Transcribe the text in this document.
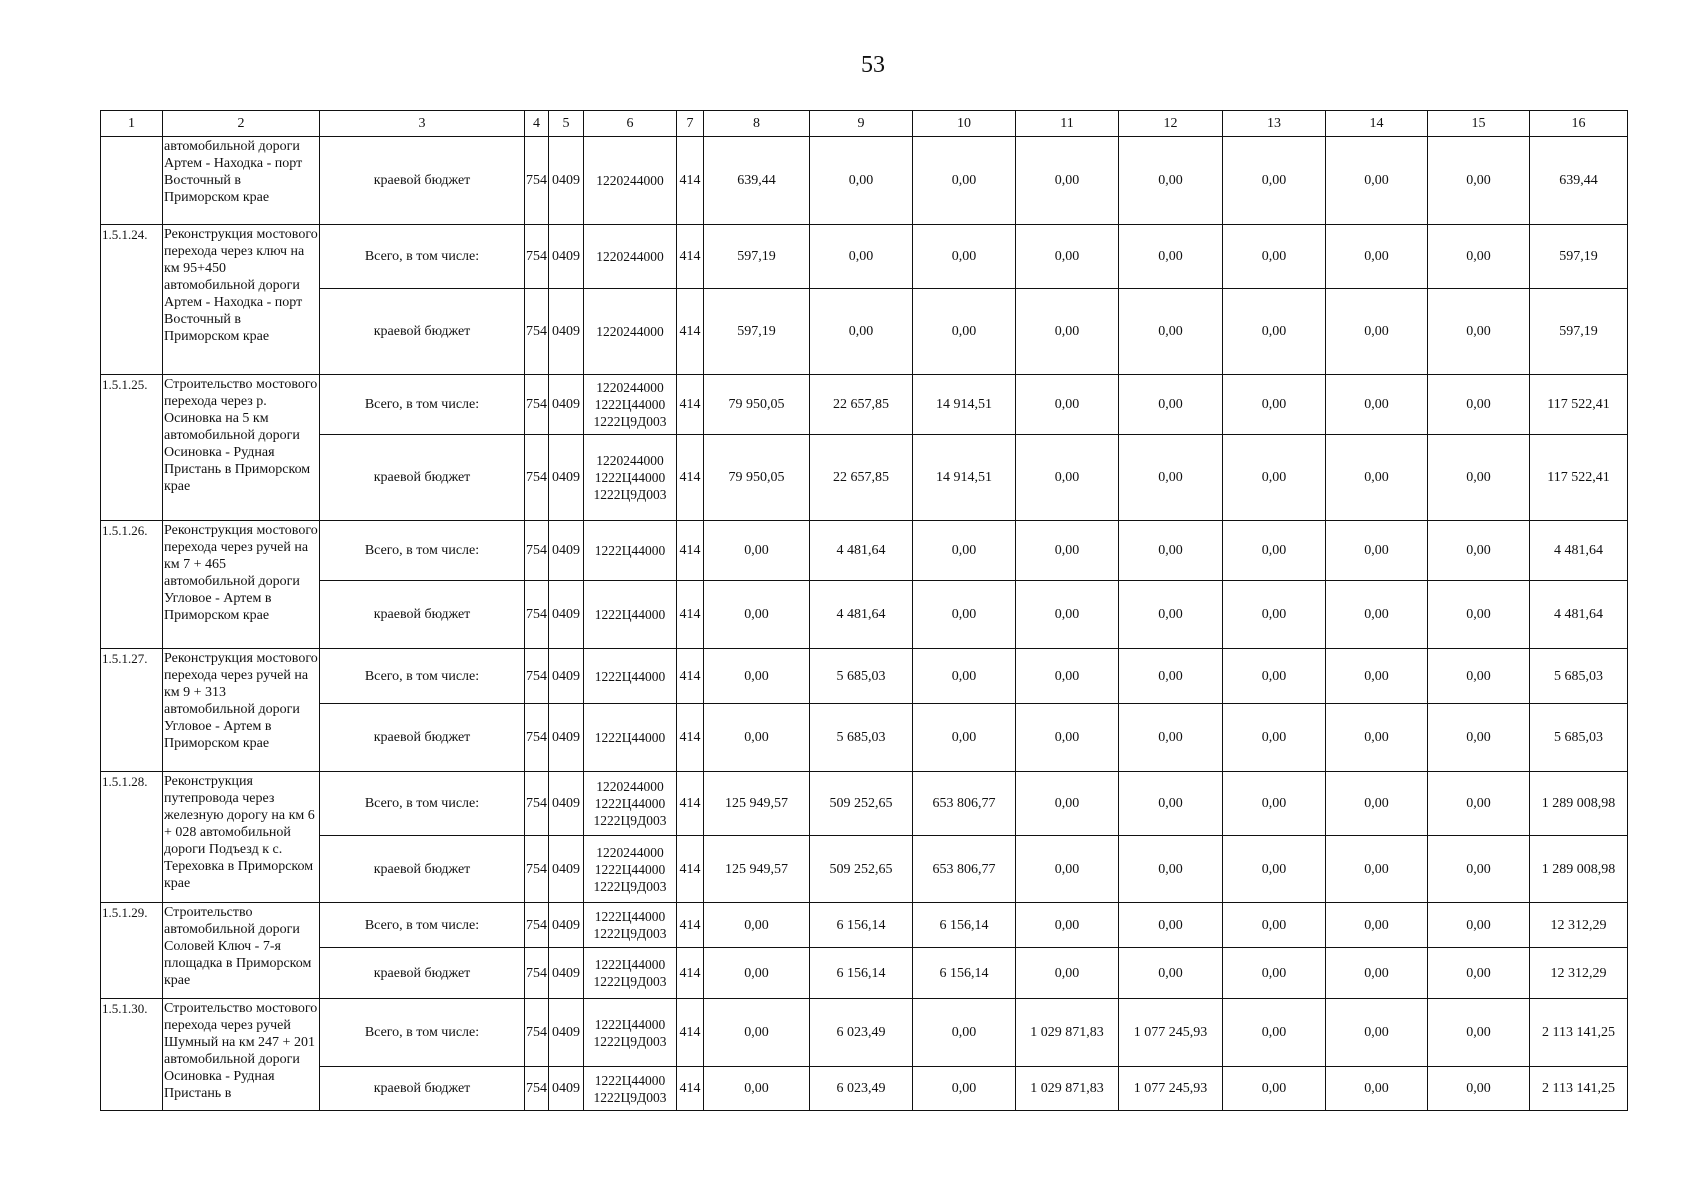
53
1	2	3	4	5	6	7	8	9	10	11	12	13	14	15	16
	автомобильной дороги Артем - Находка - порт Восточный в Приморском крае	краевой бюджет	754	0409	1220244000	414	639,44	0,00	0,00	0,00	0,00	0,00	0,00	0,00	639,44
1.5.1.24.	Реконструкция мостового перехода через ключ на км 95+450 автомобильной дороги Артем - Находка - порт Восточный в Приморском крае	Всего, в том числе:	754	0409	1220244000	414	597,19	0,00	0,00	0,00	0,00	0,00	0,00	0,00	597,19
		краевой бюджет	754	0409	1220244000	414	597,19	0,00	0,00	0,00	0,00	0,00	0,00	0,00	597,19
1.5.1.25.	Строительство мостового перехода через р. Осиновка на 5 км автомобильной дороги Осиновка - Рудная Пристань в Приморском крае	Всего, в том числе:	754	0409	1220244000 1222Ц44000 1222Ц9Д003	414	79 950,05	22 657,85	14 914,51	0,00	0,00	0,00	0,00	0,00	117 522,41
		краевой бюджет	754	0409	1220244000 1222Ц44000 1222Ц9Д003	414	79 950,05	22 657,85	14 914,51	0,00	0,00	0,00	0,00	0,00	117 522,41
1.5.1.26.	Реконструкция мостового перехода через ручей на км 7 + 465 автомобильной дороги Угловое - Артем в Приморском крае	Всего, в том числе:	754	0409	1222Ц44000	414	0,00	4 481,64	0,00	0,00	0,00	0,00	0,00	0,00	4 481,64
		краевой бюджет	754	0409	1222Ц44000	414	0,00	4 481,64	0,00	0,00	0,00	0,00	0,00	0,00	4 481,64
1.5.1.27.	Реконструкция мостового перехода через ручей на км 9 + 313 автомобильной дороги Угловое - Артем в Приморском крае	Всего, в том числе:	754	0409	1222Ц44000	414	0,00	5 685,03	0,00	0,00	0,00	0,00	0,00	0,00	5 685,03
		краевой бюджет	754	0409	1222Ц44000	414	0,00	5 685,03	0,00	0,00	0,00	0,00	0,00	0,00	5 685,03
1.5.1.28.	Реконструкция путепровода через железную дорогу на км 6 + 028 автомобильной дороги Подъезд к с. Тереховка в Приморском крае	Всего, в том числе:	754	0409	1220244000 1222Ц44000 1222Ц9Д003	414	125 949,57	509 252,65	653 806,77	0,00	0,00	0,00	0,00	0,00	1 289 008,98
		краевой бюджет	754	0409	1220244000 1222Ц44000 1222Ц9Д003	414	125 949,57	509 252,65	653 806,77	0,00	0,00	0,00	0,00	0,00	1 289 008,98
1.5.1.29.	Строительство автомобильной дороги Соловей Ключ - 7-я площадка в Приморском крае	Всего, в том числе:	754	0409	1222Ц44000 1222Ц9Д003	414	0,00	6 156,14	6 156,14	0,00	0,00	0,00	0,00	0,00	12 312,29
		краевой бюджет	754	0409	1222Ц44000 1222Ц9Д003	414	0,00	6 156,14	6 156,14	0,00	0,00	0,00	0,00	0,00	12 312,29
1.5.1.30.	Строительство мостового перехода через ручей Шумный на км 247 + 201 автомобильной дороги Осиновка - Рудная Пристань в	Всего, в том числе:	754	0409	1222Ц44000 1222Ц9Д003	414	0,00	6 023,49	0,00	1 029 871,83	1 077 245,93	0,00	0,00	0,00	2 113 141,25
		краевой бюджет	754	0409	1222Ц44000 1222Ц9Д003	414	0,00	6 023,49	0,00	1 029 871,83	1 077 245,93	0,00	0,00	0,00	2 113 141,25
